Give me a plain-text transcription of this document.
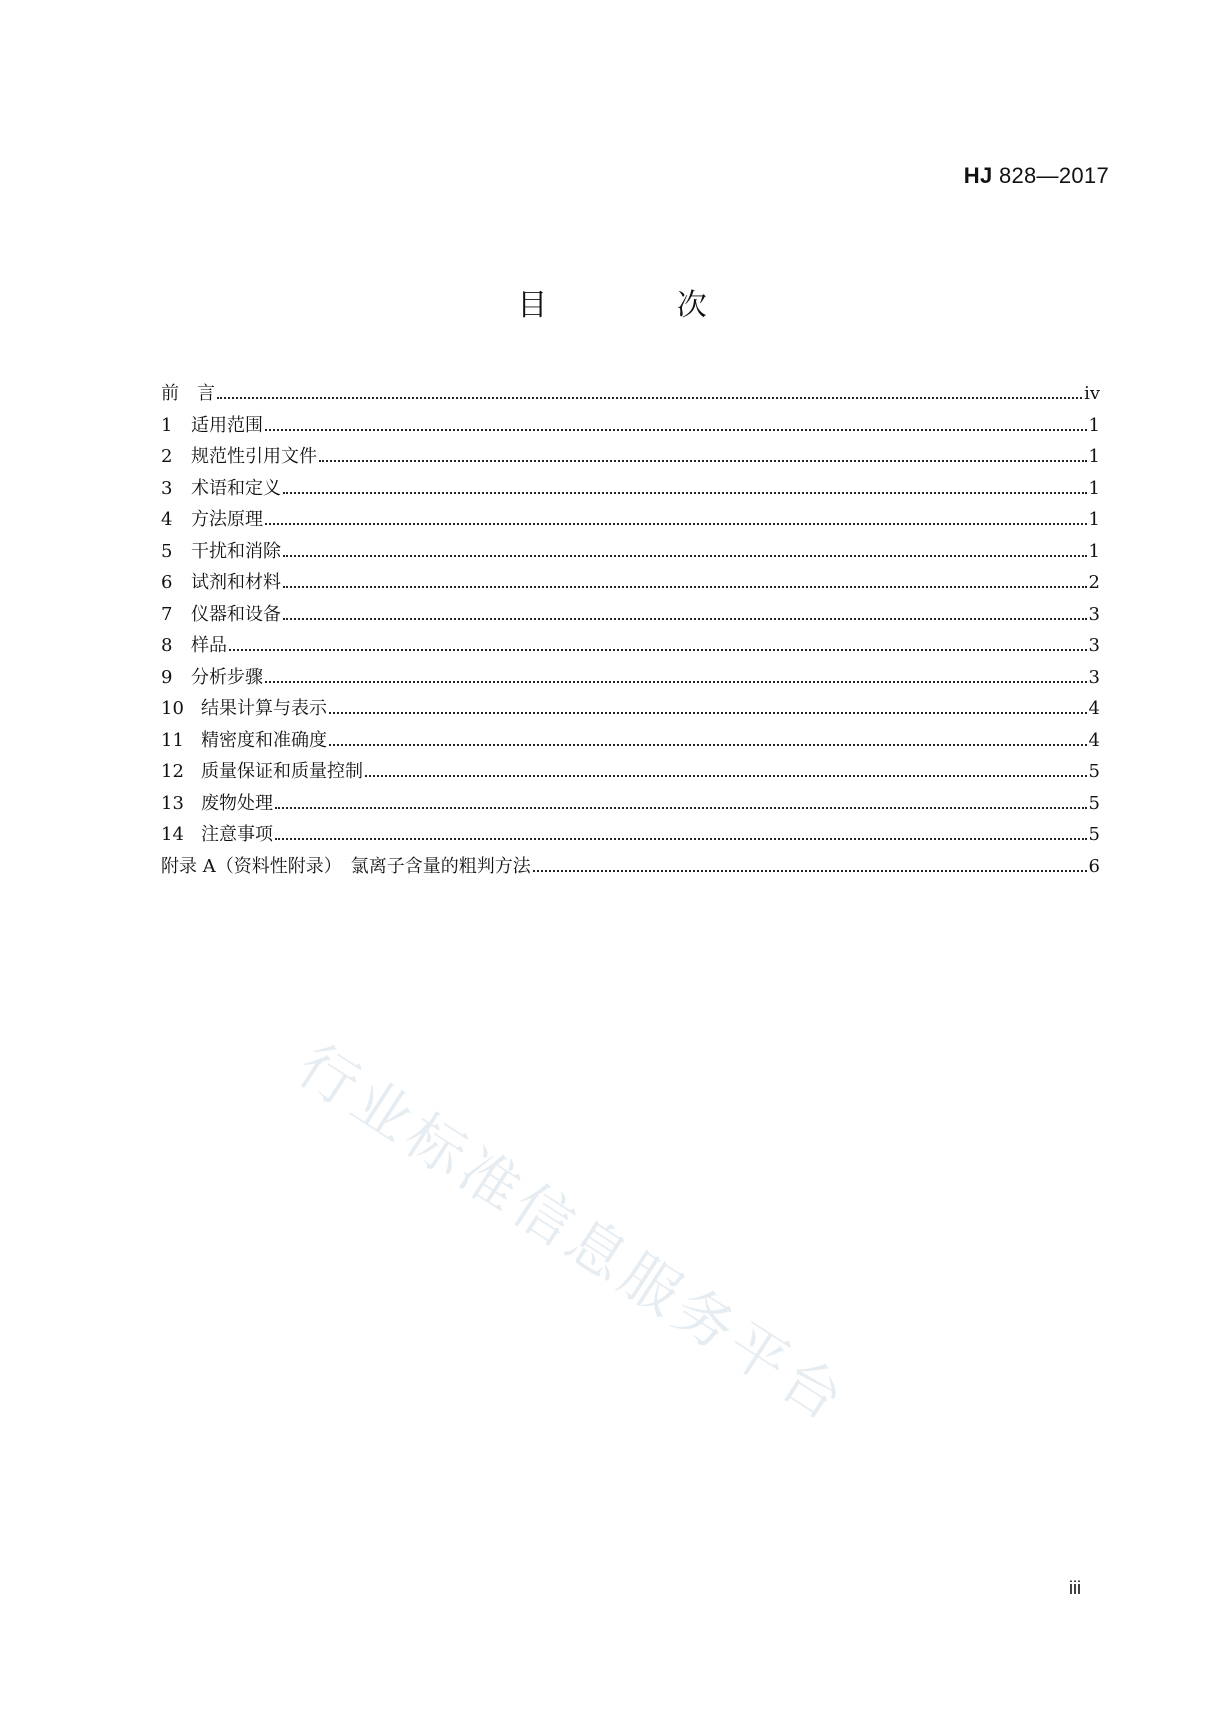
HJ 828—2017
目 次
前　言	iv
1	适用范围	1
2	规范性引用文件	1
3	术语和定义	1
4	方法原理	1
5	干扰和消除	1
6	试剂和材料	2
7	仪器和设备	3
8	样品	3
9	分析步骤	3
10 结果计算与表示	4
11 精密度和准确度	4
12 质量保证和质量控制	5
13 废物处理	5
14 注意事项	5
附录 A（资料性附录）　氯离子含量的粗判方法	6
行业标准信息服务平台
iii
